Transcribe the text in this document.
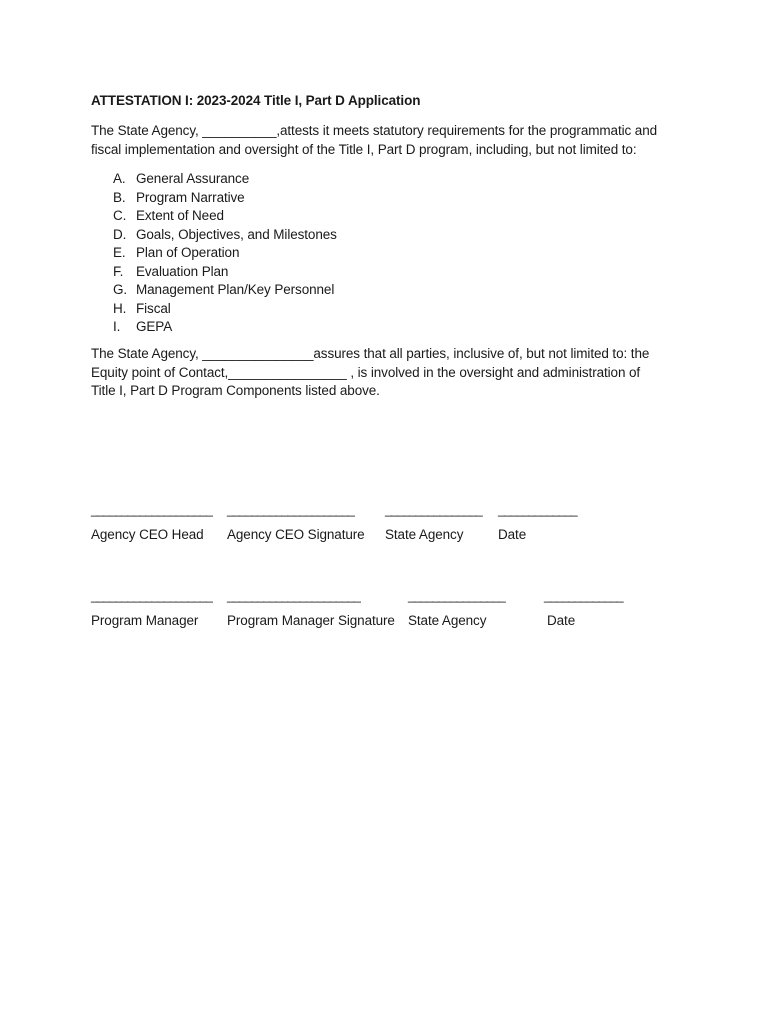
ATTESTATION I: 2023-2024 Title I, Part D Application
The State Agency, __________,attests it meets statutory requirements for the programmatic and
fiscal implementation and oversight of the Title I, Part D program, including, but not limited to:
A. General Assurance
B. Program Narrative
C. Extent of Need
D. Goals, Objectives, and Milestones
E. Plan of Operation
F. Evaluation Plan
G. Management Plan/Key Personnel
H. Fiscal
I. GEPA
The State Agency, _______________assures that all parties, inclusive of, but not limited to: the
Equity point of Contact,________________ , is involved in the oversight and administration of
Title I, Part D Program Components listed above.
____________________
Agency CEO Head
_____________________
Agency CEO Signature
________________
State Agency
_____________
Date
____________________
Program Manager
______________________
Program Manager Signature
________________
State Agency
_____________
Date
